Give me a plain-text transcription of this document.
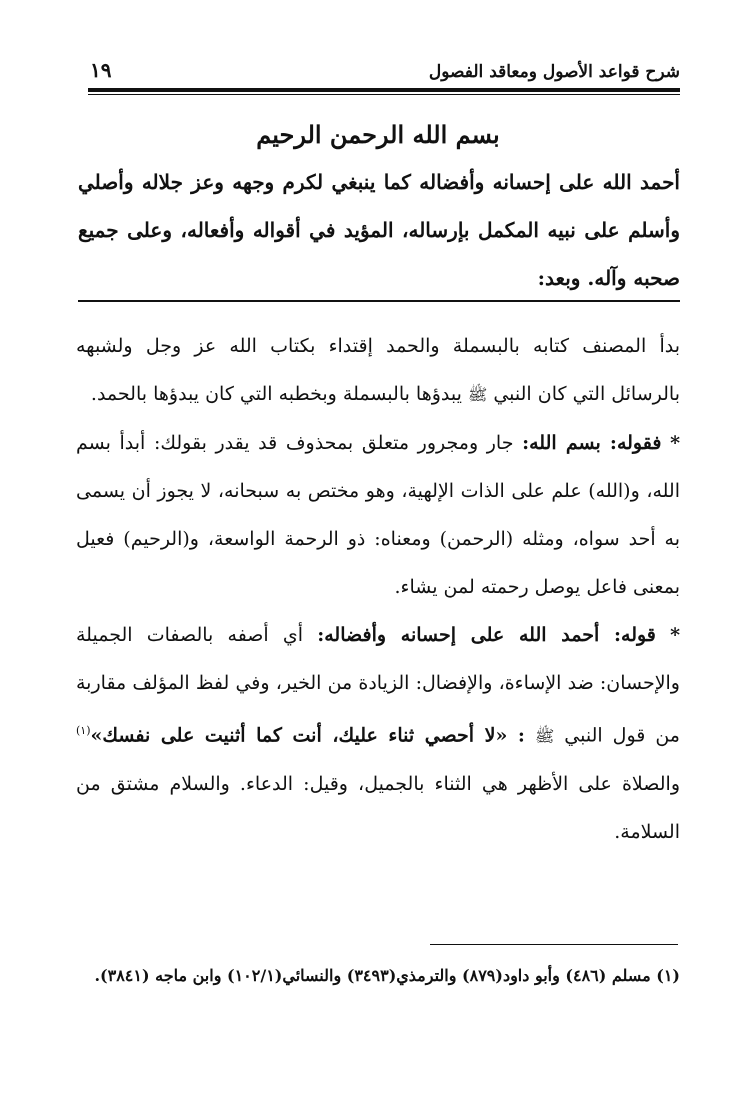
شرح قواعد الأصول ومعاقد الفصول
١٩
بسم الله الرحمن الرحيم
أحمد الله على إحسانه وأفضاله كما ينبغي لكرم وجهه وعز جلاله وأصلي وأسلم على نبيه المكمل بإرساله، المؤيد في أقواله وأفعاله، وعلى جميع صحبه وآله. وبعد:

بدأ المصنف كتابه بالبسملة والحمد إقتداء بكتاب الله عز وجل ولشبهه بالرسائل التي كان النبي ﷺ يبدؤها بالبسملة وبخطبه التي كان يبدؤها بالحمد.

* فقوله: بسم الله: جار ومجرور متعلق بمحذوف قد يقدر بقولك: أبدأ بسم الله، و(الله) علم على الذات الإلهية، وهو مختص به سبحانه، لا يجوز أن يسمى به أحد سواه، ومثله (الرحمن) ومعناه: ذو الرحمة الواسعة، و(الرحيم) فعيل بمعنى فاعل يوصل رحمته لمن يشاء.

* قوله: أحمد الله على إحسانه وأفضاله: أي أصفه بالصفات الجميلة والإحسان: ضد الإساءة، والإفضال: الزيادة من الخير، وفي لفظ المؤلف مقاربة من قول النبي ﷺ : «لا أحصي ثناء عليك، أنت كما أثنيت على نفسك»$^{(١)}$ والصلاة على الأظهر هي الثناء بالجميل، وقيل: الدعاء. والسلام مشتق من السلامة.

(١) مسلم (٤٨٦) وأبو داود(٨٧٩) والترمذي(٣٤٩٣) والنسائي(١٠٢/١) وابن ماجه (٣٨٤١).
